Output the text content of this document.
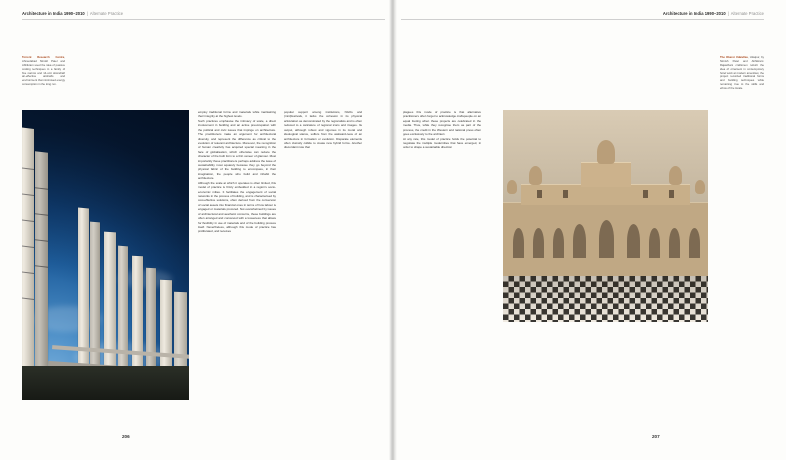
Architecture in India 1990–2010 | Alternate Practice
Torrent Research Centre, Ahmedabad Nimish Patel and Abhikram used the idea of passive cooling techniques in a family of five narrow and 14-unit downdraft air-effective airshafts and environment that minimised energy consumption in the long run.

employ traditional forms and materials while maintaining their integrity at the highest levels.

Such practices emphasise the intimacy of scale, a direct involvement in building and an active preoccupation with the political and civic issues that impinge on architecture. The practitioners make an argument for architectural diversity, and represent the difference as critical to the evolution of relevant architecture. Moreover, the recognition of human creativity has acquired special meaning in the face of globalisation, which otherwise can reduce the character of the built form to a thin veneer of glamour. Most importantly these practitioners perhaps address the issue of sustainability most squarely because they go beyond the physical fabric of the building to encompass, in their imagination, the people who build and inhabit the architecture.

Although the scale at which it operates is often limited, this model of practice is firmly embedded in a region's socio-economic milieu. It facilitates the engagement of social networks in the process of building, and is characterised by cost-effective solutions, often derived from the conversion of social assets into financial ones in terms of how labour is engaged or materials procured. Not overwhelmed by issues of architectural and aesthetic concerns, these buildings are often arranged and conceived with a looseness that allows for flexibility in use of materials and of the building process itself. Nevertheless, although this mode of practice has proliferated, and receives

popular support among institutions, NGOs and (mini)festivals, it lacks the cohesion in its physical articulation as demonstrated by the regionalists and is often reduced to a caricature of regional icons and images. Its output, although robust and vigorous in its moral and ideological stance, suffers from the awkward-ness of an architecture in formation or evolution. Disparate elements often clumsily collide to create new hybrid forms. Another discordant note that

206
Architecture in India 1990–2010 | Alternate Practice
The Oberoi Udaivilas, Udaipur, by Nimish Patel and Abhikram: Rajasthani craftsmen rebuilt the idea of ornament in contemporary hotel work at modern amenities; the project recorded traditional forms and building techniques while remaining true to the skills and ethos of the locale.

plagues this mode of practice is that alternative practitioners often forget to acknowledge craftspeople on an equal footing when these projects are celebrated in the media. Thus, while they recognise them as part of the process, the credit in the Western and national press often goes exclusively to the architect.

At any rate, this model of practice holds the potential to negotiate the multiple modernities that have emerged, in order to shape a sustainable direction

207
